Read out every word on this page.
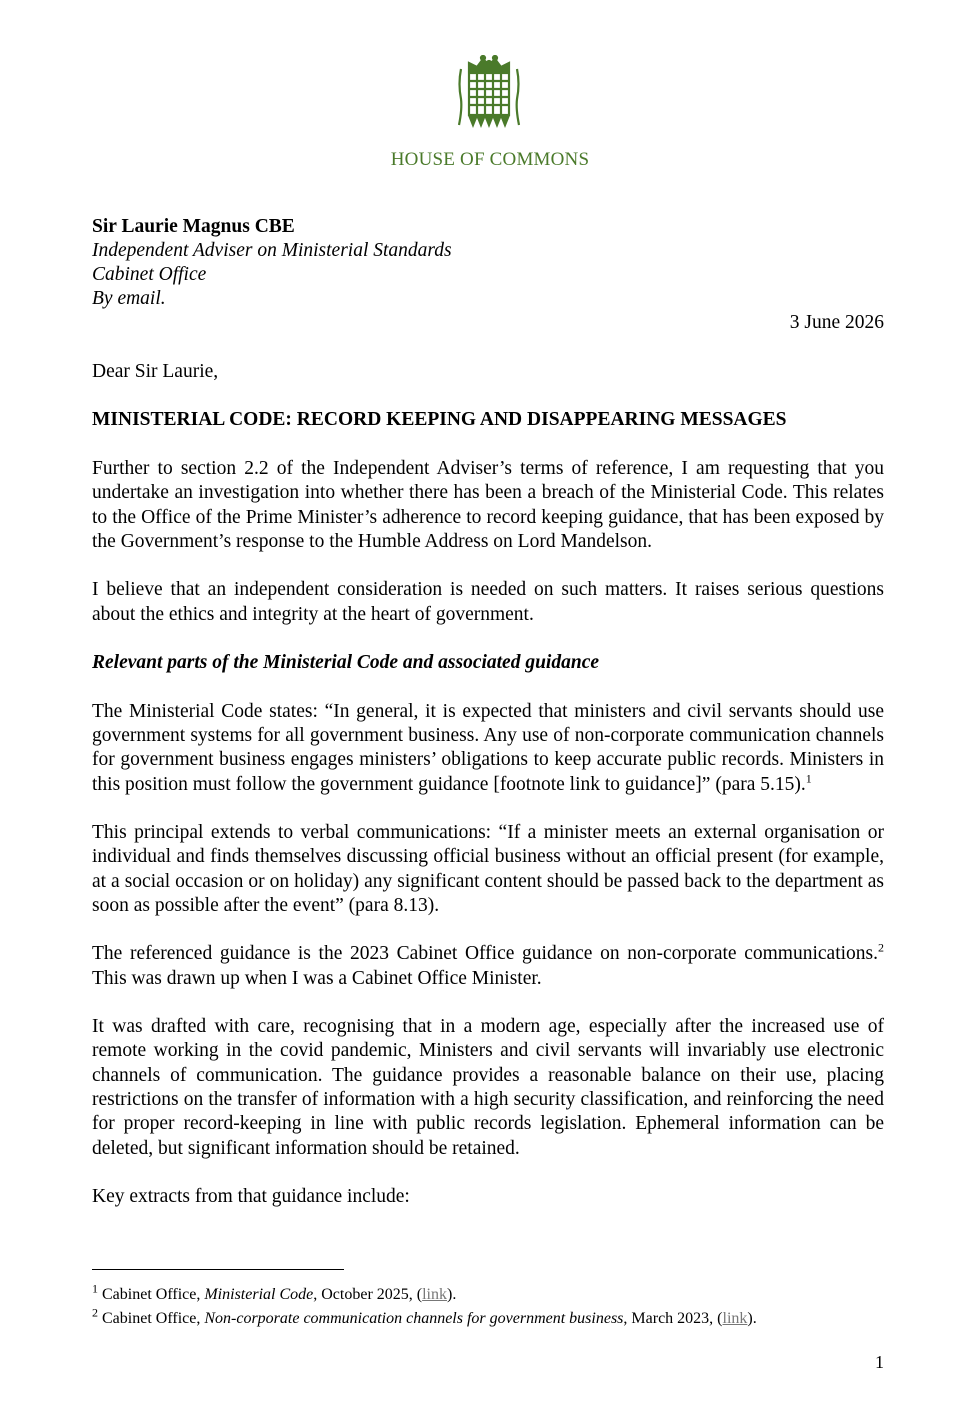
HOUSE OF COMMONS
Sir Laurie Magnus CBE
Independent Adviser on Ministerial Standards
Cabinet Office
By email.
3 June 2026

Dear Sir Laurie,

MINISTERIAL CODE: RECORD KEEPING AND DISAPPEARING MESSAGES

Further to section 2.2 of the Independent Adviser’s terms of reference, I am requesting that you undertake an investigation into whether there has been a breach of the Ministerial Code. This relates to the Office of the Prime Minister’s adherence to record keeping guidance, that has been exposed by the Government’s response to the Humble Address on Lord Mandelson.

I believe that an independent consideration is needed on such matters. It raises serious questions about the ethics and integrity at the heart of government.

Relevant parts of the Ministerial Code and associated guidance

The Ministerial Code states: “In general, it is expected that ministers and civil servants should use government systems for all government business. Any use of non-corporate communication channels for government business engages ministers’ obligations to keep accurate public records. Ministers in this position must follow the government guidance [footnote link to guidance]” (para 5.15).$^1$

This principal extends to verbal communications: “If a minister meets an external organisation or individual and finds themselves discussing official business without an official present (for example, at a social occasion or on holiday) any significant content should be passed back to the department as soon as possible after the event” (para 8.13).

The referenced guidance is the 2023 Cabinet Office guidance on non-corporate communications.$^2$ This was drawn up when I was a Cabinet Office Minister.

It was drafted with care, recognising that in a modern age, especially after the increased use of remote working in the covid pandemic, Ministers and civil servants will invariably use electronic channels of communication. The guidance provides a reasonable balance on their use, placing restrictions on the transfer of information with a high security classification, and reinforcing the need for proper record-keeping in line with public records legislation. Ephemeral information can be deleted, but significant information should be retained.

Key extracts from that guidance include:

$^1$ Cabinet Office, Ministerial Code, October 2025, (link).
$^2$ Cabinet Office, Non-corporate communication channels for government business, March 2023, (link).
1
